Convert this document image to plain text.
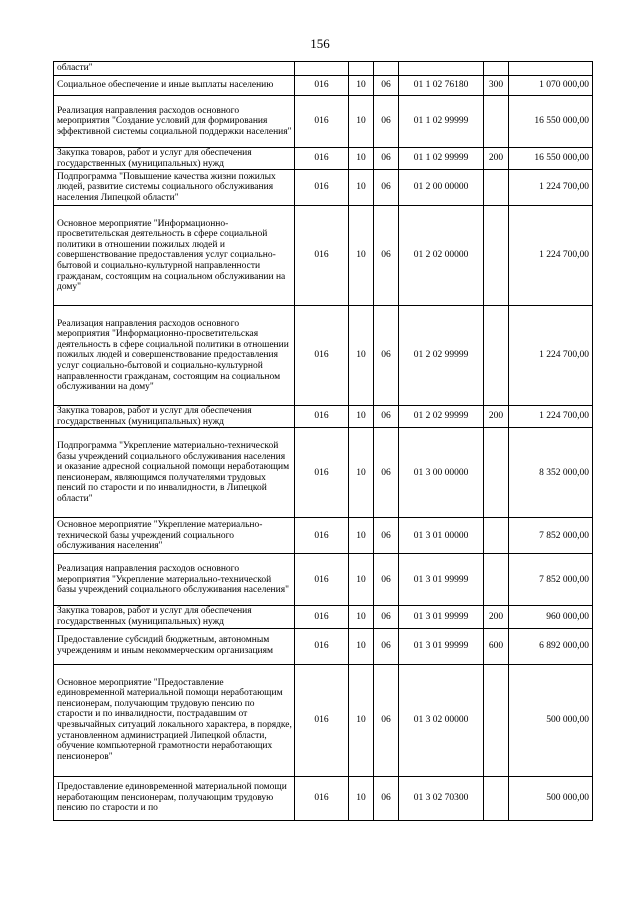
156
области"						
Социальное обеспечение и иные выплаты населению	016	10	06	01 1 02 76180	300	1 070 000,00
Реализация направления расходов основного мероприятия "Создание условий для формирования эффективной системы социальной поддержки населения"	016	10	06	01 1 02 99999		16 550 000,00
Закупка товаров, работ и услуг для обеспечения государственных (муниципальных) нужд	016	10	06	01 1 02 99999	200	16 550 000,00
Подпрограмма "Повышение качества жизни пожилых людей, развитие системы социального обслуживания населения Липецкой области"	016	10	06	01 2 00 00000		1 224 700,00
Основное мероприятие "Информационно-просветительская деятельность в сфере социальной политики в отношении пожилых людей и совершенствование предоставления услуг социально-бытовой и социально-культурной направленности гражданам, состоящим на социальном обслуживании на дому"	016	10	06	01 2 02 00000		1 224 700,00
Реализация направления расходов основного мероприятия "Информационно-просветительская деятельность в сфере социальной политики в отношении пожилых людей и совершенствование предоставления услуг социально-бытовой и социально-культурной направленности гражданам, состоящим на социальном обслуживании на дому"	016	10	06	01 2 02 99999		1 224 700,00
Закупка товаров, работ и услуг для обеспечения государственных (муниципальных) нужд	016	10	06	01 2 02 99999	200	1 224 700,00
Подпрограмма "Укрепление материально-технической базы учреждений социального обслуживания населения и оказание адресной социальной помощи неработающим пенсионерам, являющимся получателями трудовых пенсий по старости и по инвалидности, в Липецкой области"	016	10	06	01 3 00 00000		8 352 000,00
Основное мероприятие "Укрепление материально-технической базы учреждений социального обслуживания населения"	016	10	06	01 3 01 00000		7 852 000,00
Реализация направления расходов основного мероприятия "Укрепление материально-технической базы учреждений социального обслуживания населения"	016	10	06	01 3 01 99999		7 852 000,00
Закупка товаров, работ и услуг для обеспечения государственных (муниципальных) нужд	016	10	06	01 3 01 99999	200	960 000,00
Предоставление субсидий бюджетным, автономным учреждениям и иным некоммерческим организациям	016	10	06	01 3 01 99999	600	6 892 000,00
Основное мероприятие "Предоставление единовременной материальной помощи неработающим пенсионерам, получающим трудовую пенсию по старости и по инвалидности, пострадавшим от чрезвычайных ситуаций локального характера, в порядке, установленном администрацией Липецкой области, обучение компьютерной грамотности неработающих пенсионеров"	016	10	06	01 3 02 00000		500 000,00
Предоставление единовременной материальной помощи неработающим пенсионерам, получающим трудовую пенсию по старости и по	016	10	06	01 3 02 70300		500 000,00
